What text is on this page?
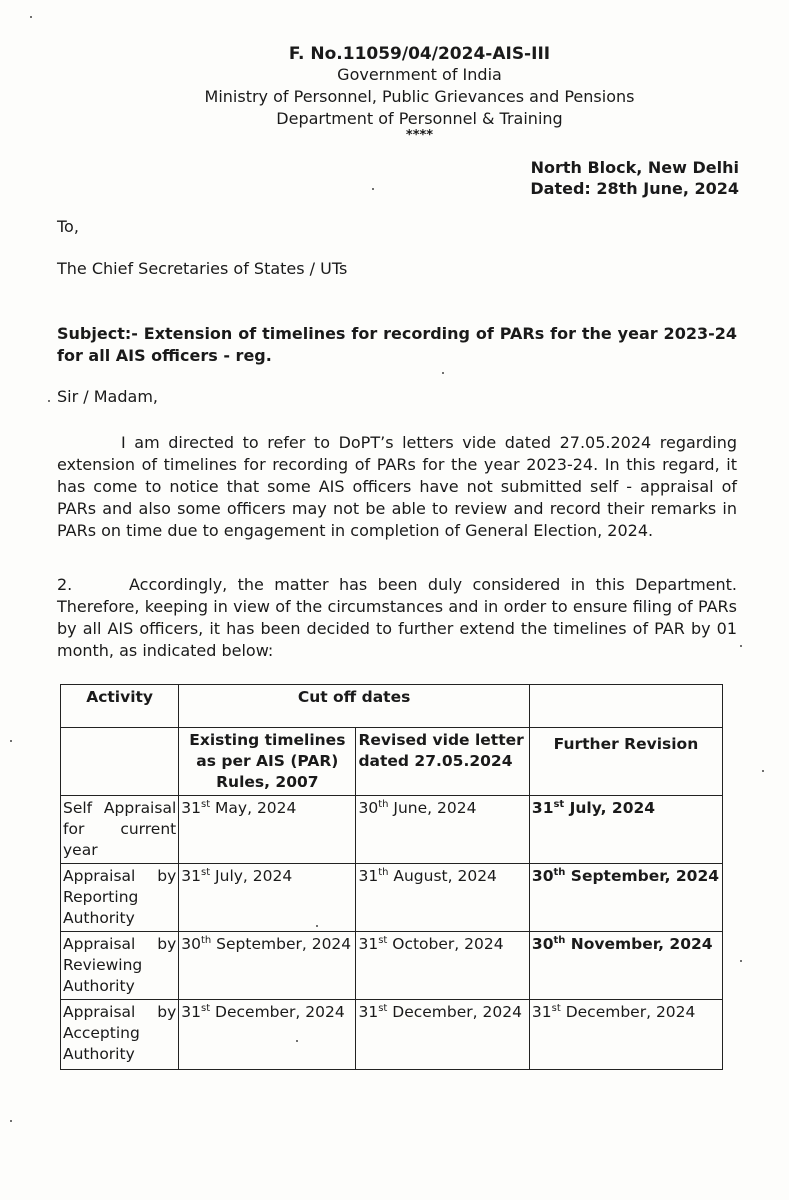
F. No.11059/04/2024-AIS-III
Government of India
Ministry of Personnel, Public Grievances and Pensions
Department of Personnel & Training
****
North Block, New Delhi
Dated: 28th June, 2024
To,
The Chief Secretaries of States / UTs
Subject:- Extension of timelines for recording of PARs for the year 2023-24 for all AIS officers - reg.
Sir / Madam,
I am directed to refer to DoPT’s letters vide dated 27.05.2024 regarding extension of timelines for recording of PARs for the year 2023-24. In this regard, it has come to notice that some AIS officers have not submitted self - appraisal of PARs and also some officers may not be able to review and record their remarks in PARs on time due to engagement in completion of General Election, 2024.
2.	Accordingly, the matter has been duly considered in this Department. Therefore, keeping in view of the circumstances and in order to ensure filing of PARs by all AIS officers, it has been decided to further extend the timelines of PAR by 01 month, as indicated below:
Activity	Cut off dates		
	Existing timelines as per AIS (PAR) Rules, 2007	Revised vide letter dated 27.05.2024	Further Revision
Self Appraisal for current year	31st May, 2024	30th June, 2024	31st July, 2024
Appraisal by Reporting Authority	31st July, 2024	31th August, 2024	30th September, 2024
Appraisal by Reviewing Authority	30th September, 2024	31st October, 2024	30th November, 2024
Appraisal by Accepting Authority	31st December, 2024	31st December, 2024	31st December, 2024
